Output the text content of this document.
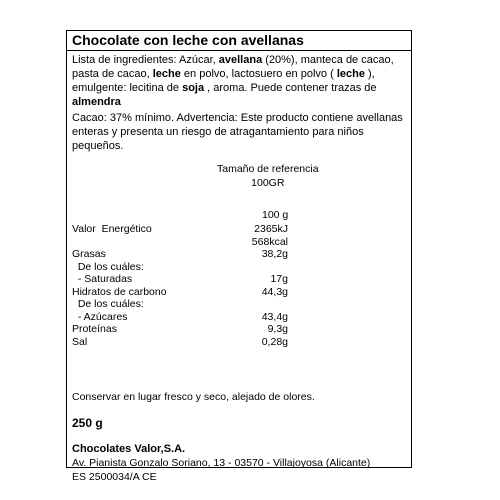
Chocolate con leche con avellanas
Lista de ingredientes: Azúcar, avellana (20%), manteca de cacao, pasta de cacao, leche en polvo, lactosuero en polvo ( leche ), emulgente: lecitina de soja , aroma. Puede contener trazas de almendra
Cacao: 37% mínimo. Advertencia: Este producto contiene avellanas enteras y presenta un riesgo de atragantamiento para niños pequeños.
Tamaño de referencia
100GR
100 g
Valor  Energético	2365kJ
568kcal
Grasas	38,2g
De los cuáles:
- Saturadas	17g
Hidratos de carbono	44,3g
De los cuáles:
- Azúcares	43,4g
Proteínas	9,3g
Sal	0,28g
Conservar en lugar fresco y seco, alejado de olores.
250 g
Chocolates Valor,S.A.
Av. Pianista Gonzalo Soriano, 13 - 03570 - Villajoyosa (Alicante)
ES 2500034/A CE
